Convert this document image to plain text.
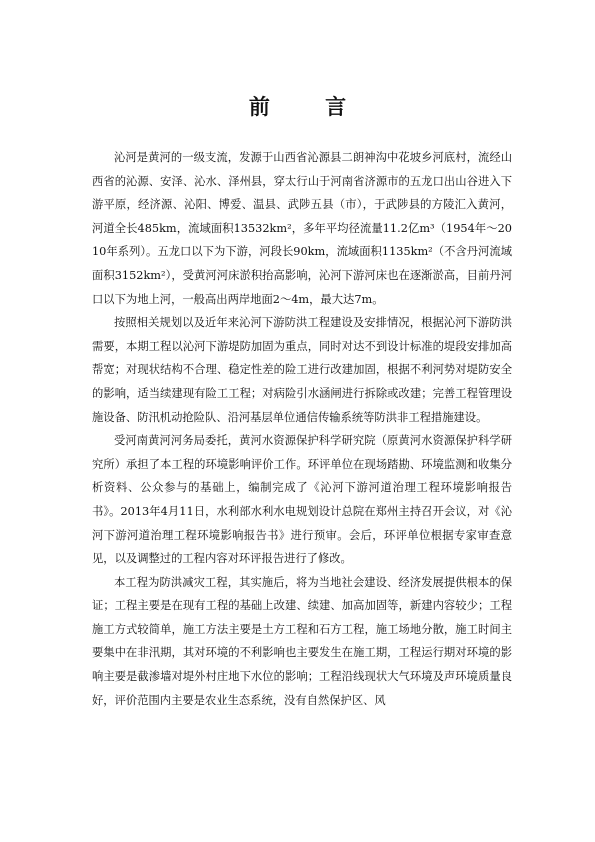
前 言

沁河是黄河的一级支流，发源于山西省沁源县二朗神沟中花坡乡河底村，流经山西省的沁源、安泽、沁水、泽州县，穿太行山于河南省济源市的五龙口出山谷进入下游平原，经济源、沁阳、博爱、温县、武陟五县（市），于武陟县的方陵汇入黄河，河道全长485km，流域面积13532km²，多年平均径流量11.2亿m³（1954年～2010年系列）。五龙口以下为下游，河段长90km，流域面积1135km²（不含丹河流域面积3152km²），受黄河河床淤积抬高影响，沁河下游河床也在逐渐淤高，目前丹河口以下为地上河，一般高出两岸地面2～4m，最大达7m。

按照相关规划以及近年来沁河下游防洪工程建设及安排情况，根据沁河下游防洪需要，本期工程以沁河下游堤防加固为重点，同时对达不到设计标准的堤段安排加高帮宽；对现状结构不合理、稳定性差的险工进行改建加固，根据不利河势对堤防安全的影响，适当续建现有险工工程；对病险引水涵闸进行拆除或改建；完善工程管理设施设备、防汛机动抢险队、沿河基层单位通信传输系统等防洪非工程措施建设。

受河南黄河河务局委托，黄河水资源保护科学研究院（原黄河水资源保护科学研究所）承担了本工程的环境影响评价工作。环评单位在现场踏勘、环境监测和收集分析资料、公众参与的基础上，编制完成了《沁河下游河道治理工程环境影响报告书》。2013年4月11日，水利部水利水电规划设计总院在郑州主持召开会议，对《沁河下游河道治理工程环境影响报告书》进行预审。会后，环评单位根据专家审查意见，以及调整过的工程内容对环评报告进行了修改。

本工程为防洪减灾工程，其实施后，将为当地社会建设、经济发展提供根本的保证；工程主要是在现有工程的基础上改建、续建、加高加固等，新建内容较少；工程施工方式较简单，施工方法主要是土方工程和石方工程，施工场地分散，施工时间主要集中在非汛期，其对环境的不利影响也主要发生在施工期，工程运行期对环境的影响主要是截渗墙对堤外村庄地下水位的影响；工程沿线现状大气环境及声环境质量良好，评价范围内主要是农业生态系统，没有自然保护区、风
